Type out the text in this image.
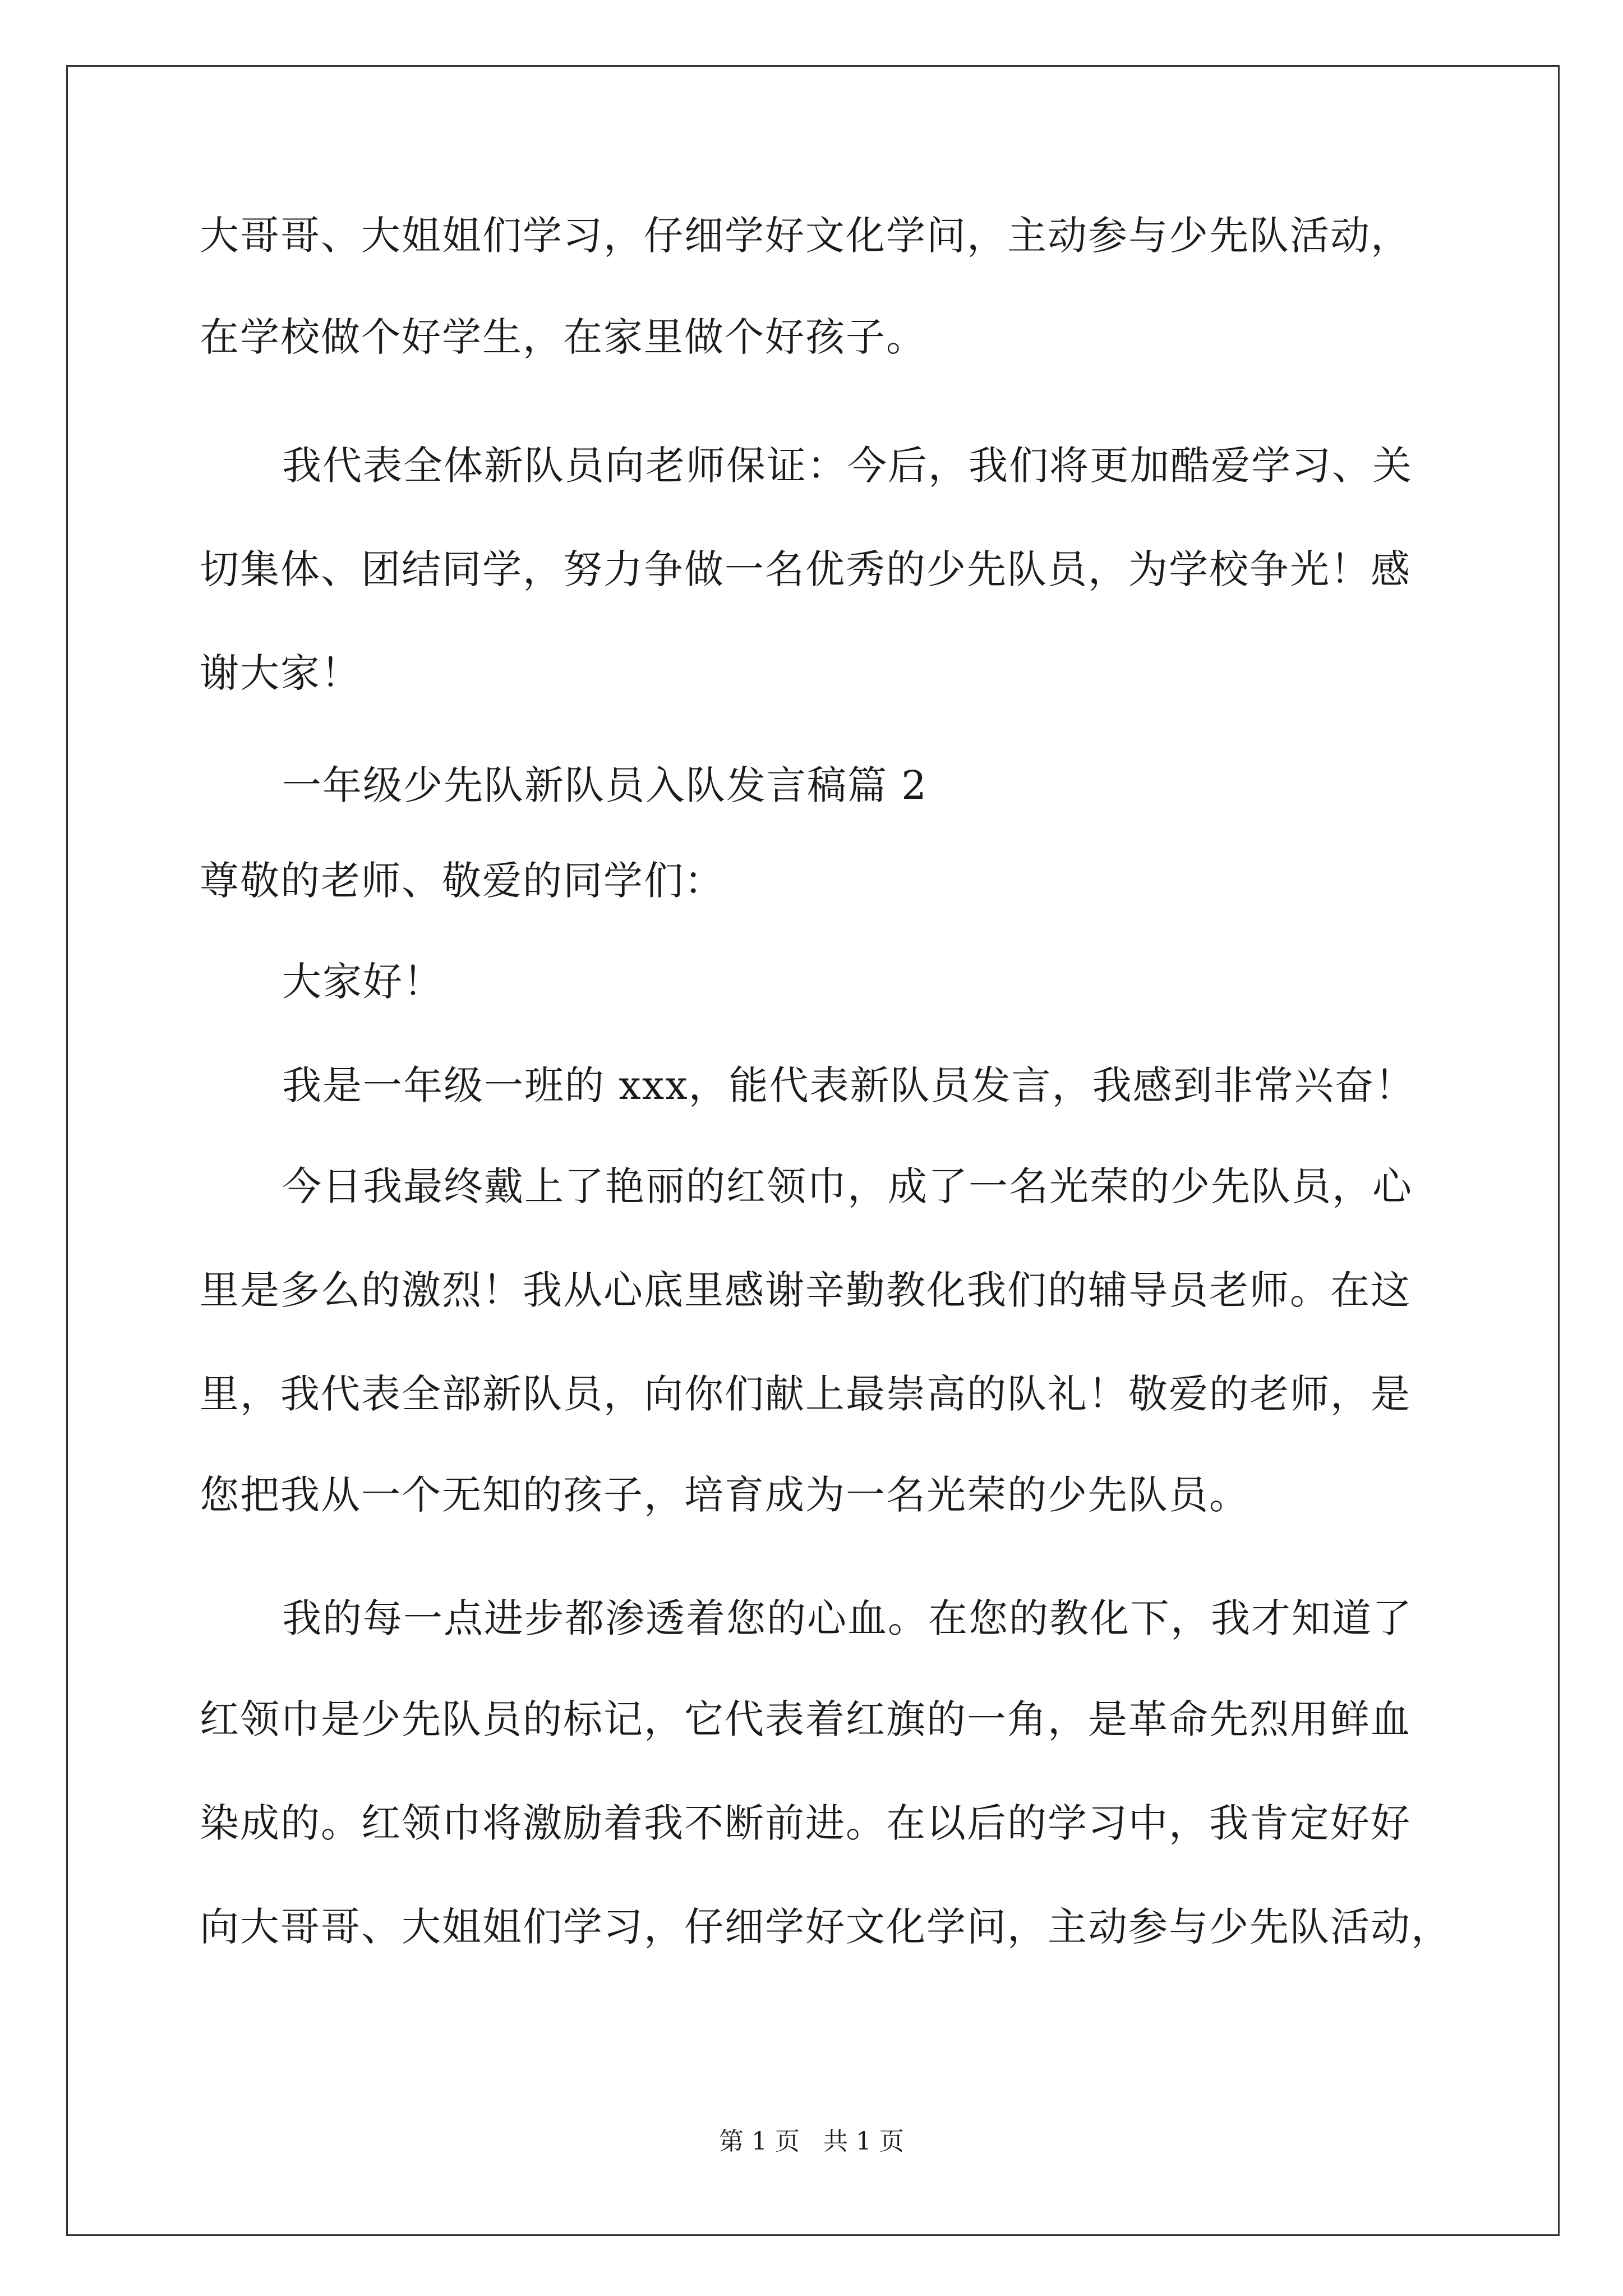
大哥哥、大姐姐们学习，仔细学好文化学问，主动参与少先队活动，
在学校做个好学生，在家里做个好孩子。
我代表全体新队员向老师保证：今后，我们将更加酷爱学习、关
切集体、团结同学，努力争做一名优秀的少先队员，为学校争光！感
谢大家！
一年级少先队新队员入队发言稿篇 2
尊敬的老师、敬爱的同学们：
大家好！
我是一年级一班的 xxx，能代表新队员发言，我感到非常兴奋！
今日我最终戴上了艳丽的红领巾，成了一名光荣的少先队员，心
里是多么的激烈！我从心底里感谢辛勤教化我们的辅导员老师。在这
里，我代表全部新队员，向你们献上最崇高的队礼！敬爱的老师，是
您把我从一个无知的孩子，培育成为一名光荣的少先队员。
我的每一点进步都渗透着您的心血。在您的教化下，我才知道了
红领巾是少先队员的标记，它代表着红旗的一角，是革命先烈用鲜血
染成的。红领巾将激励着我不断前进。在以后的学习中，我肯定好好
向大哥哥、大姐姐们学习，仔细学好文化学问，主动参与少先队活动，
第 1 页   共 1 页
